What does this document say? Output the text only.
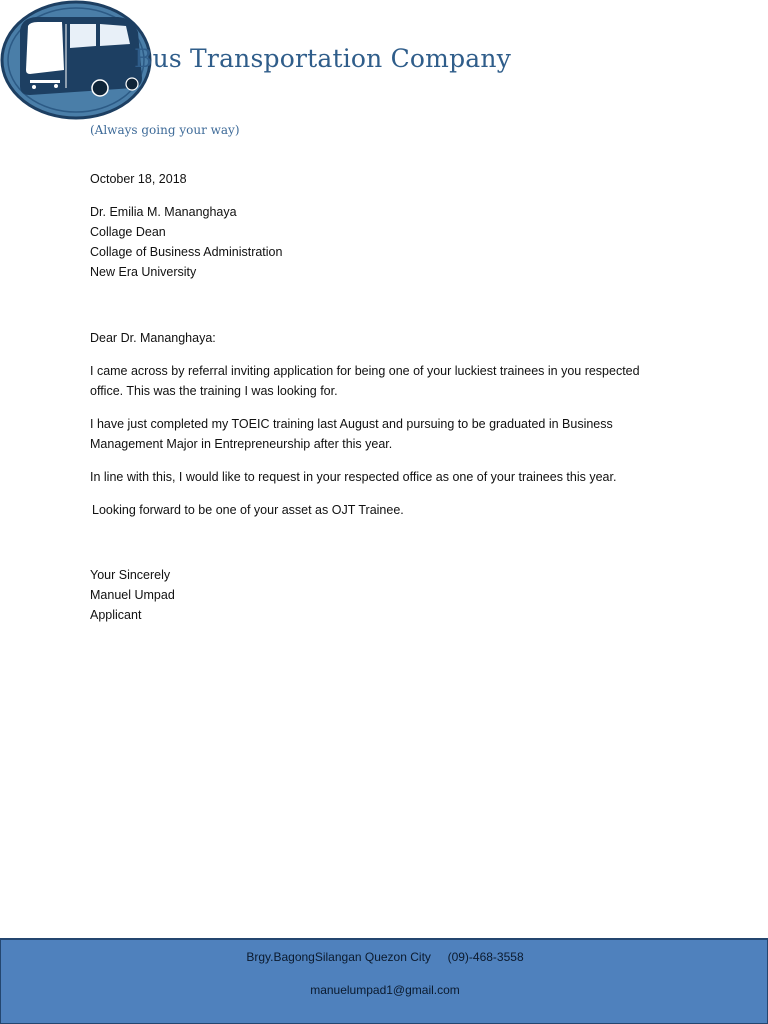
Bus Transportation Company
(Always going your way)
October 18, 2018
Dr. Emilia M. Mananghaya
Collage Dean
Collage of Business Administration
New Era University
Dear Dr. Mananghaya:
I came across by referral inviting application for being one of your luckiest trainees in you respected
office. This was the training I was looking for.
I have just completed my TOEIC training last August and pursuing to be graduated in Business
Management Major in Entrepreneurship after this year.
In line with this, I would like to request in your respected office as one of your trainees this year.
Looking forward to be one of your asset as OJT Trainee.
Your Sincerely
Manuel Umpad
Applicant
Brgy.BagongSilangan Quezon City (09)-468-3558
manuelumpad1@gmail.com
